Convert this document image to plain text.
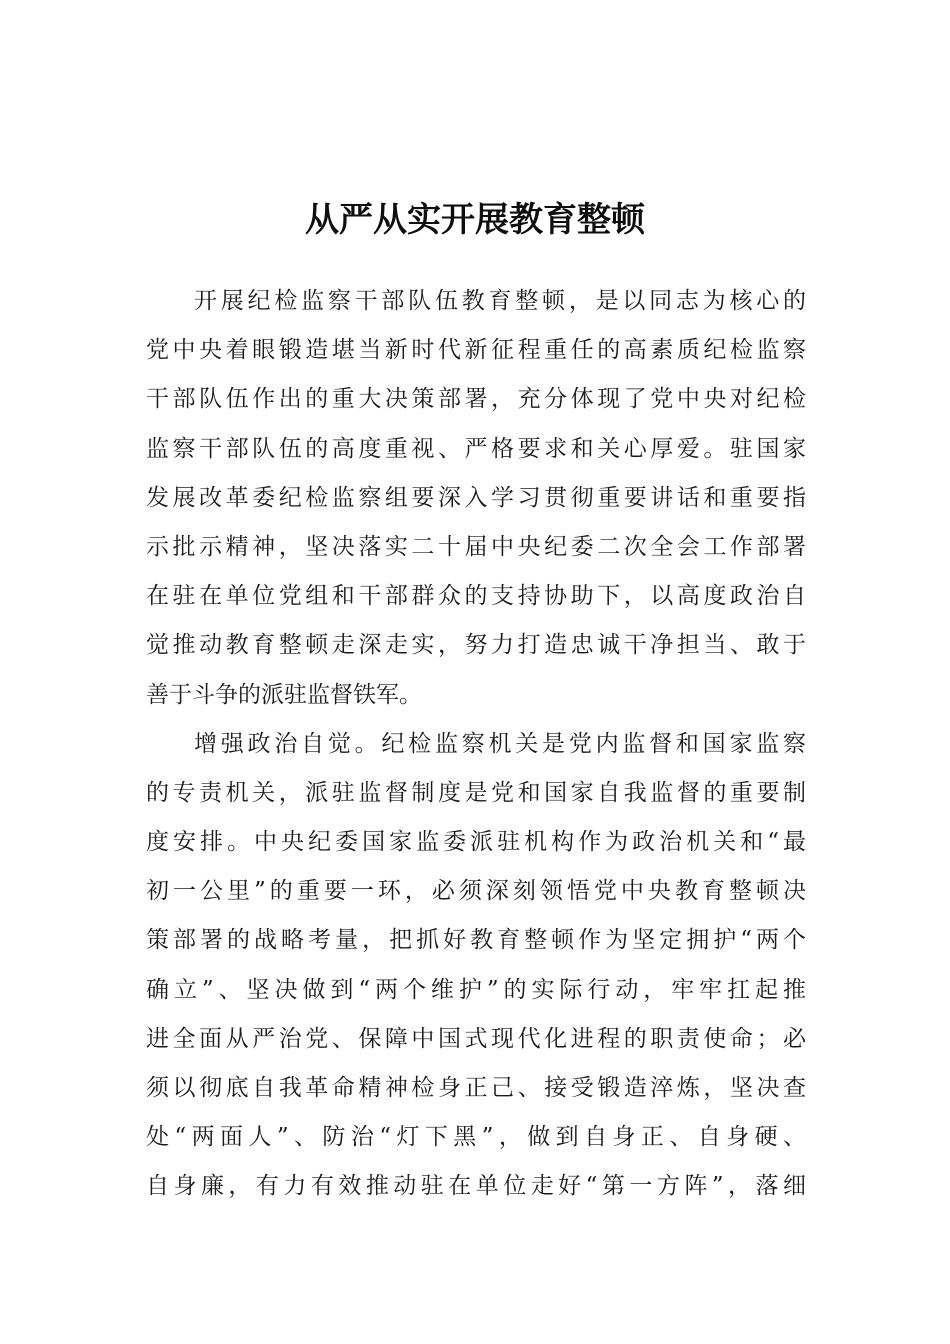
从严从实开展教育整顿
开展纪检监察干部队伍教育整顿，是以同志为核心的
党中央着眼锻造堪当新时代新征程重任的高素质纪检监察
干部队伍作出的重大决策部署，充分体现了党中央对纪检
监察干部队伍的高度重视、严格要求和关心厚爱。驻国家
发展改革委纪检监察组要深入学习贯彻重要讲话和重要指
示批示精神，坚决落实二十届中央纪委二次全会工作部署
在驻在单位党组和干部群众的支持协助下，以高度政治自
觉推动教育整顿走深走实，努力打造忠诚干净担当、敢于
善于斗争的派驻监督铁军。
增强政治自觉。纪检监察机关是党内监督和国家监察
的专责机关，派驻监督制度是党和国家自我监督的重要制
度安排。中央纪委国家监委派驻机构作为政治机关和“最
初一公里”的重要一环，必须深刻领悟党中央教育整顿决
策部署的战略考量，把抓好教育整顿作为坚定拥护“两个
确立”、坚决做到“两个维护”的实际行动，牢牢扛起推
进全面从严治党、保障中国式现代化进程的职责使命；必
须以彻底自我革命精神检身正己、接受锻造淬炼，坚决查
处“两面人”、防治“灯下黑”，做到自身正、自身硬、
自身廉，有力有效推动驻在单位走好“第一方阵”，落细
